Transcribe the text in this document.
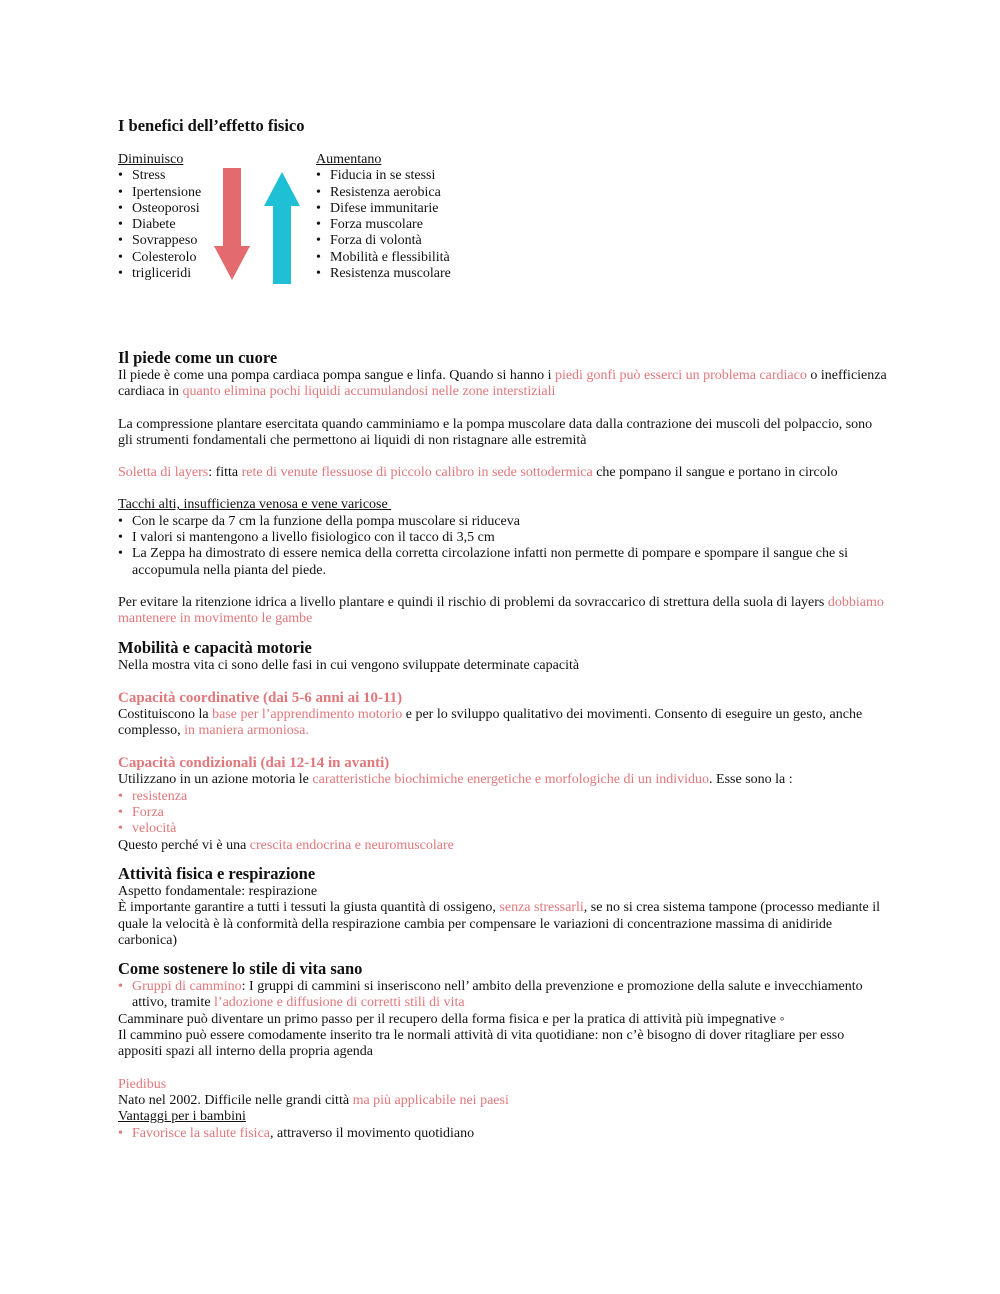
I benefici dell’effetto fisico
Diminuisco
• Stress
• Ipertensione
• Osteoporosi
• Diabete
• Sovrappeso
• Colesterolo
• trigliceridi
Aumentano
• Fiducia in se stessi
• Resistenza aerobica
• Difese immunitarie
• Forza muscolare
• Forza di volontà
• Mobilità e flessibilità
• Resistenza muscolare
Il piede come un cuore

Il piede è come una pompa cardiaca pompa sangue e linfa. Quando si hanno i piedi gonfi può esserci un problema cardiaco o inefficienza cardiaca in quanto elimina pochi liquidi accumulandosi nelle zone interstiziali

La compressione plantare esercitata quando camminiamo e la pompa muscolare data dalla contrazione dei muscoli del polpaccio, sono gli strumenti fondamentali che permettono ai liquidi di non ristagnare alle estremità

Soletta di layers: fitta rete di venute flessuose di piccolo calibro in sede sottodermica che pompano il sangue e portano in circolo

Tacchi alti, insufficienza venosa e vene varicose
• Con le scarpe da 7 cm la funzione della pompa muscolare si riduceva
• I valori si mantengono a livello fisiologico con il tacco di 3,5 cm
• La Zeppa ha dimostrato di essere nemica della corretta circolazione infatti non permette di pompare e spompare il sangue che si accopumula nella pianta del piede.

Per evitare la ritenzione idrica a livello plantare e quindi il rischio di problemi da sovraccarico di strettura della suola di layers dobbiamo mantenere in movimento le gambe

Mobilità e capacità motorie

Nella mostra vita ci sono delle fasi in cui vengono sviluppate determinate capacità

Capacità coordinative (dai 5-6 anni ai 10-11)

Costituiscono la base per l’apprendimento motorio e per lo sviluppo qualitativo dei movimenti. Consento di eseguire un gesto, anche complesso, in maniera armoniosa.

Capacità condizionali (dai 12-14 in avanti)

Utilizzano in un azione motoria le caratteristiche biochimiche energetiche e morfologiche di un individuo. Esse sono la :

• resistenza
• Forza
• velocità

Questo perché vi è una crescita endocrina e neuromuscolare

Attività fisica e respirazione

Aspetto fondamentale: respirazione

È importante garantire a tutti i tessuti la giusta quantità di ossigeno, senza stressarli, se no si crea sistema tampone (processo mediante il quale la velocità è là conformità della respirazione cambia per compensare le variazioni di concentrazione massima di anidiride carbonica)

Come sostenere lo stile di vita sano
• Gruppi di cammino: I gruppi di cammini si inseriscono nell’ ambito della prevenzione e promozione della salute e invecchiamento attivo, tramite l’adozione e diffusione di corretti stili di vita

Camminare può diventare un primo passo per il recupero della forma fisica e per la pratica di attività più impegnative ◦

Il cammino può essere comodamente inserito tra le normali attività di vita quotidiane: non c’è bisogno di dover ritagliare per esso appositi spazi all interno della propria agenda

Piedibus

Nato nel 2002. Difficile nelle grandi città ma più applicabile nei paesi

Vantaggi per i bambini
• Favorisce la salute fisica, attraverso il movimento quotidiano
